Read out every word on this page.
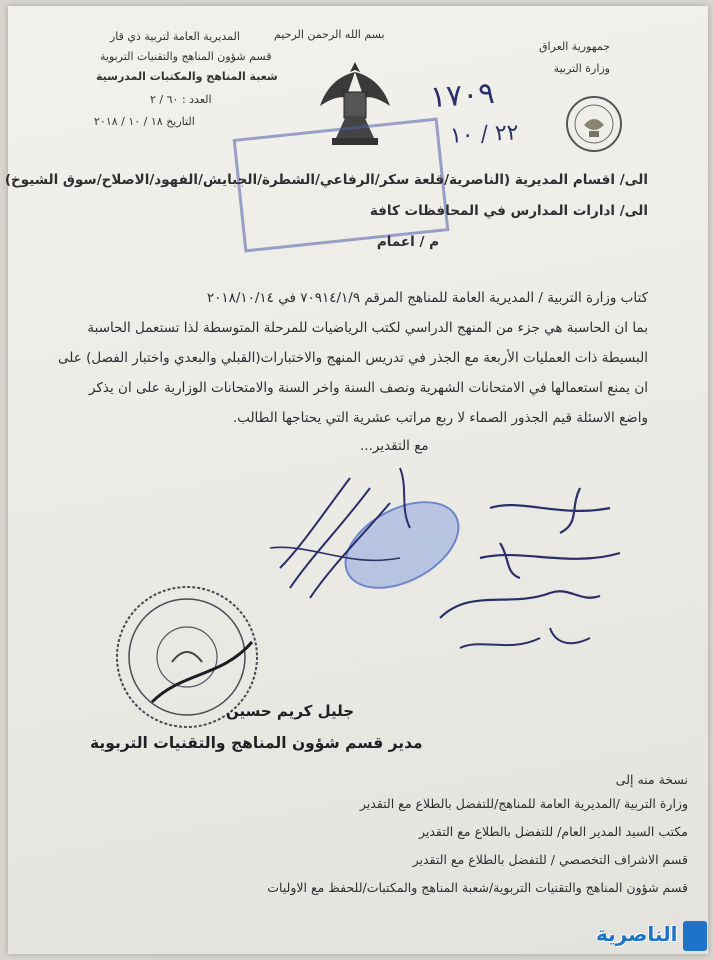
جمهورية العراق
وزارة التربية
بسم الله الرحمن الرحيم
المديرية العامة لتربية ذي قار
قسم شؤون المناهج والتقنيات التربوية
شعبة المناهج والمكتبات المدرسية
العدد : ٦٠ / ٢
التاريخ ١٨ / ١٠ / ٢٠١٨
١٧٠٩
٢٢ / ١٠
الى/ اقسام المديرية (الناصرية/قلعة سكر/الرفاعي/الشطرة/الجبايش/الفهود/الاصلاح/سوق الشيوخ)
الى/ ادارات المدارس في المحافظات كافة
م / اعمام
كتاب وزارة التربية / المديرية العامة للمناهج المرقم ٧٠٩١٤/١/٩ في ٢٠١٨/١٠/١٤
بما ان الحاسبة هي جزء من المنهج الدراسي لكتب الرياضيات للمرحلة المتوسطة لذا تستعمل الحاسبة
البسيطة ذات العمليات الأربعة مع الجذر في تدريس المنهج والاختبارات(القبلي والبعدي واختبار الفصل) على
ان يمنع استعمالها في الامتحانات الشهرية ونصف السنة واخر السنة والامتحانات الوزارية على ان يذكر
واضع الاسئلة قيم الجذور الصماء لا ربع مراتب عشرية التي يحتاجها الطالب.
مع التقدير...
جليل كريم حسين
مدير قسم شؤون المناهج والتقنيات التربوية
نسخة منه إلى
وزارة التربية /المديرية العامة للمناهج/للتفضل بالطلاع مع التقدير
مكتب السيد المدير العام/ للتفضل بالطلاع مع التقدير
قسم الاشراف التخصصي / للتفضل بالطلاع مع التقدير
قسم شؤون المناهج والتقنيات التربوية/شعبة المناهج والمكتبات/للحفظ مع الاوليات
الناصرية
